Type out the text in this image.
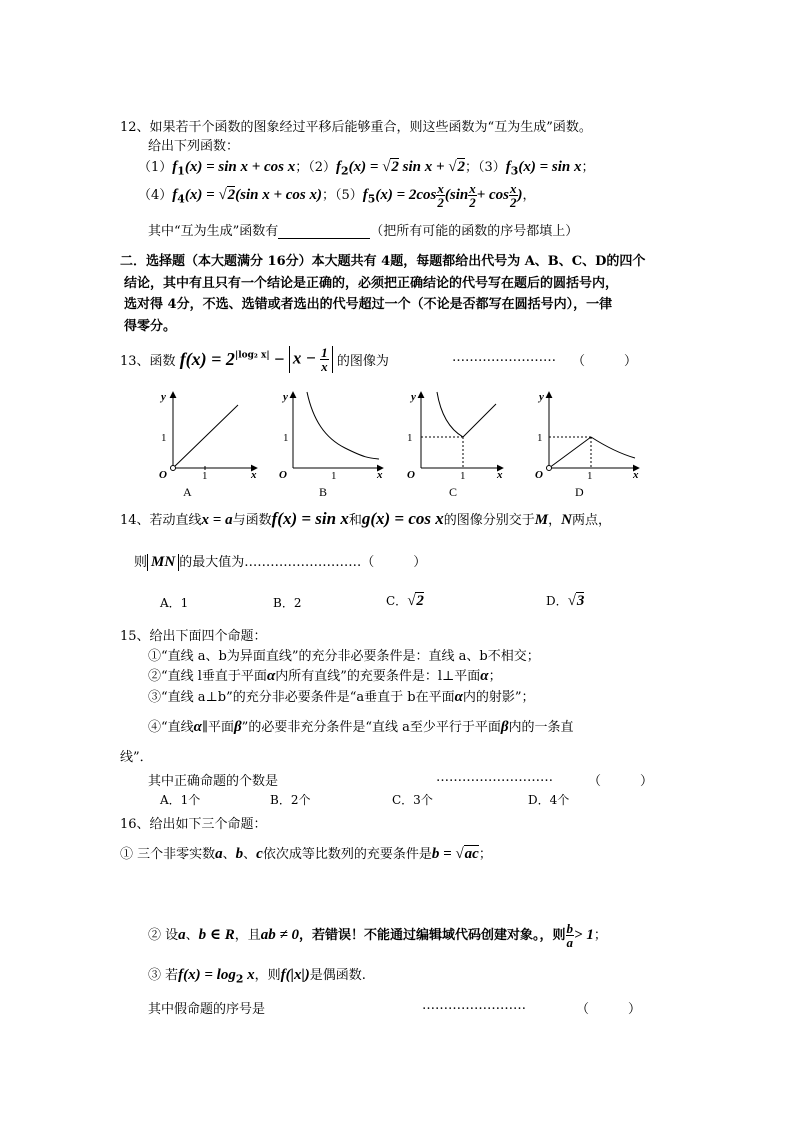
12、如果若干个函数的图象经过平移后能够重合，则这些函数为“互为生成”函数。
给出下列函数：
$(1)f_1(x) = \sin x + \cos x$；$(2)f_2(x) = √2$ sin x + √2；$(3)f_3(x) = \sin x$；
$(4)f_4(x) = √2(\sin$ x + cos x)；$(5)f_5(x) = 2\cos \frac{x}{2} (\sin \frac{x}{2} + \cos \frac{x}{2}$ )，
其中“互为生成”函数有	（把所有可能的函数的序号都填上）
二．选择题（本大题满分 16分）本大题共有 4题，每题都给出代号为 A、B、C、D的四个
结论，其中有且只有一个结论是正确的，必须把正确结论的代号写在题后的圆括号内，
选对得 4分，不选、选错或者选出的代号超过一个（不论是否都写在圆括号内），一律
得零分。
13、函数 $f(x) = 2^{|log_2 x|} - x - \frac{1}{x}$ 的图像为	…………………… （　　　）
y
x
O
1
1
A
y
x
O
1
1
B
y
x
O
1
1
C
y
x
O
1
1
D
14、若动直线x = a与函数f(x) = sin x和g(x) = cos x的图像分别交于M，N两点，
则 MN 的最大值为………………………（　　　）
A．1	B．2	C．√2	D．√3
15、给出下面四个命题：
①“直线 a、b为异面直线”的充分非必要条件是：直线 a、b不相交；
②“直线 l垂直于平面α内所有直线”的充要条件是：l⊥平面α；
③“直线 a⊥b”的充分非必要条件是“a垂直于 b在平面α内的射影”；
④“直线α∥平面β”的必要非充分条件是“直线 a至少平行于平面β内的一条直
线”．
其中正确命题的个数是	………………………	（　　　）
A．1个	B．2个	C．3个	D．4个
16、给出如下三个命题：
① 三个非零实数a、b、c依次成等比数列的充要条件是b = √ac；
② 设a、b ∈ R，且ab ≠ 0，若错误！不能通过编辑域代码创建对象。，则 $\frac{b}{a} > 1$；
③ 若$f(x) = \log_2 x$，则f(|x|)是偶函数.
其中假命题的序号是	……………………	（　　　）
